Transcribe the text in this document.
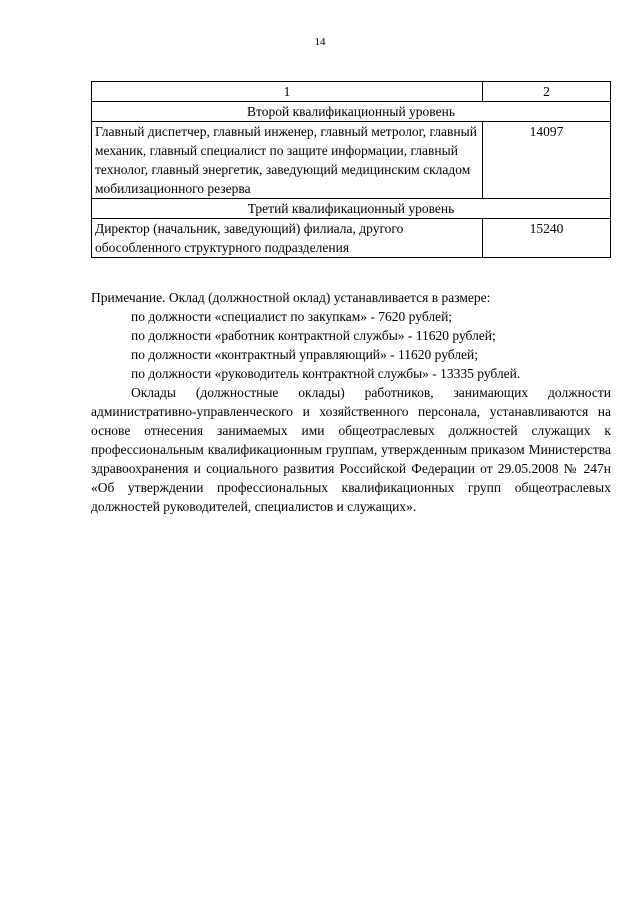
14
1	2
Второй квалификационный уровень	
Главный диспетчер, главный инженер, главный метролог, главный механик, главный специалист по защите информации, главный технолог, главный энергетик, заведующий медицинским складом мобилизационного резерва	14097
Третий квалификационный уровень	
Директор (начальник, заведующий) филиала, другого обособленного структурного подразделения	15240

Примечание. Оклад (должностной оклад) устанавливается в размере:

по должности «специалист по закупкам» - 7620 рублей;

по должности «работник контрактной службы» - 11620 рублей;

по должности «контрактный управляющий» - 11620 рублей;

по должности «руководитель контрактной службы» - 13335 рублей.

Оклады (должностные оклады) работников, занимающих должности административно-управленческого и хозяйственного персонала, устанавливаются на основе отнесения занимаемых ими общеотраслевых должностей служащих к профессиональным квалификационным группам, утвержденным приказом Министерства здравоохранения и социального развития Российской Федерации от 29.05.2008 № 247н «Об утверждении профессиональных квалификационных групп общеотраслевых должностей руководителей, специалистов и служащих».
